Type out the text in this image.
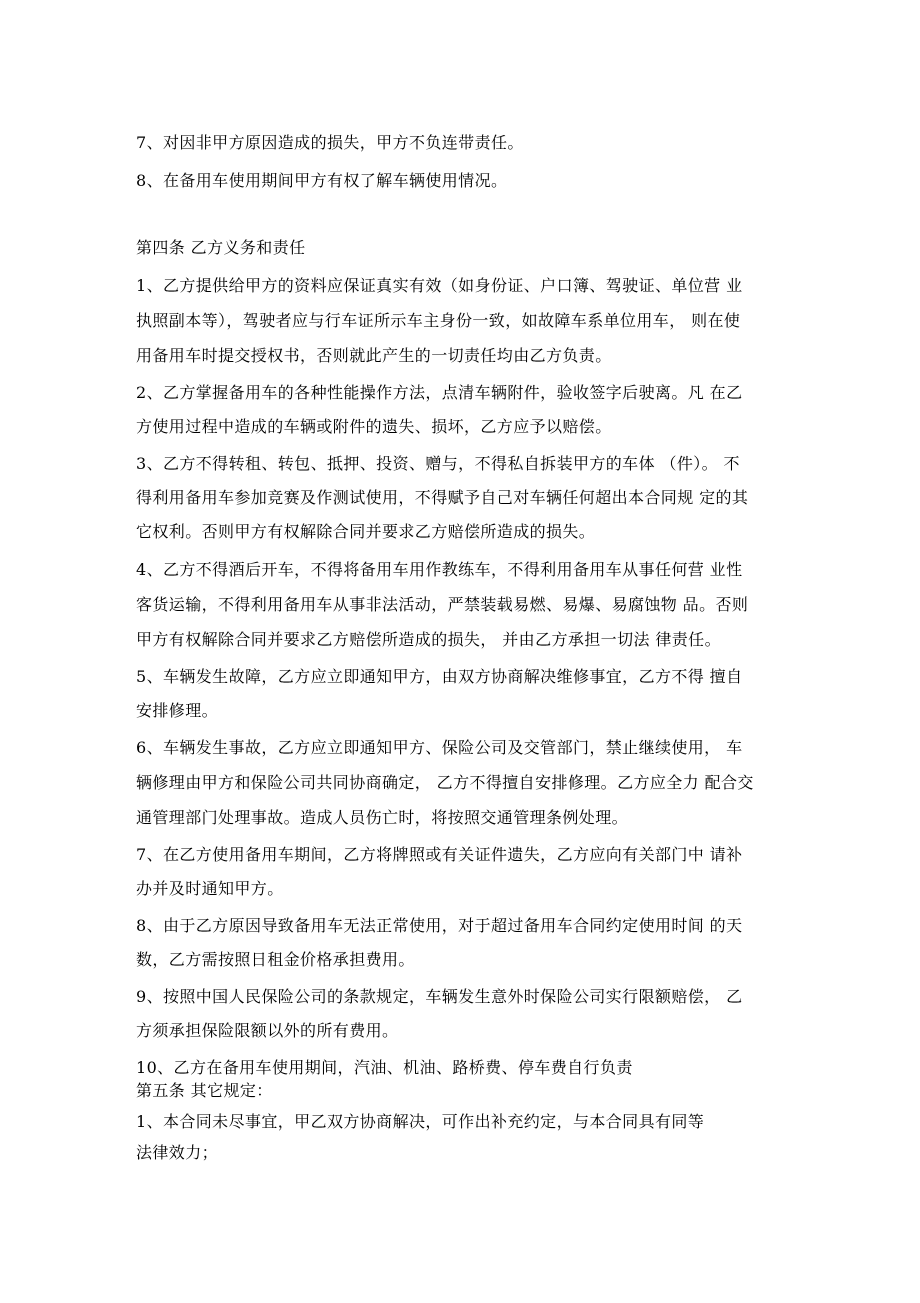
7、对因非甲方原因造成的损失，甲方不负连带责任。
8、在备用车使用期间甲方有权了解车辆使用情况。
第四条 乙方义务和责任
1、乙方提供给甲方的资料应保证真实有效（如身份证、户口簿、驾驶证、单位营 业
执照副本等），驾驶者应与行车证所示车主身份一致，如故障车系单位用车， 则在使
用备用车时提交授权书，否则就此产生的一切责任均由乙方负责。
2、乙方掌握备用车的各种性能操作方法，点清车辆附件，验收签字后驶离。凡 在乙
方使用过程中造成的车辆或附件的遗失、损坏，乙方应予以赔偿。
3、乙方不得转租、转包、抵押、投资、赠与，不得私自拆装甲方的车体 （件）。 不
得利用备用车参加竞赛及作测试使用，不得赋予自己对车辆任何超出本合同规 定的其
它权利。否则甲方有权解除合同并要求乙方赔偿所造成的损失。
4、乙方不得酒后开车，不得将备用车用作教练车，不得利用备用车从事任何营 业性
客货运输，不得利用备用车从事非法活动，严禁装载易燃、易爆、易腐蚀物 品。否则
甲方有权解除合同并要求乙方赔偿所造成的损失， 并由乙方承担一切法 律责任。
5、车辆发生故障，乙方应立即通知甲方，由双方协商解决维修事宜，乙方不得 擅自
安排修理。
6、车辆发生事故，乙方应立即通知甲方、保险公司及交管部门，禁止继续使用， 车
辆修理由甲方和保险公司共同协商确定， 乙方不得擅自安排修理。乙方应全力 配合交
通管理部门处理事故。造成人员伤亡时，将按照交通管理条例处理。
7、在乙方使用备用车期间，乙方将牌照或有关证件遗失，乙方应向有关部门中 请补
办并及时通知甲方。
8、由于乙方原因导致备用车无法正常使用，对于超过备用车合同约定使用时间 的天
数，乙方需按照日租金价格承担费用。
9、按照中国人民保险公司的条款规定，车辆发生意外时保险公司实行限额赔偿， 乙
方须承担保险限额以外的所有费用。
10、乙方在备用车使用期间，汽油、机油、路桥费、停车费自行负责
第五条 其它规定：
1、本合同未尽事宜，甲乙双方协商解决，可作出补充约定，与本合同具有同等
法律效力；
